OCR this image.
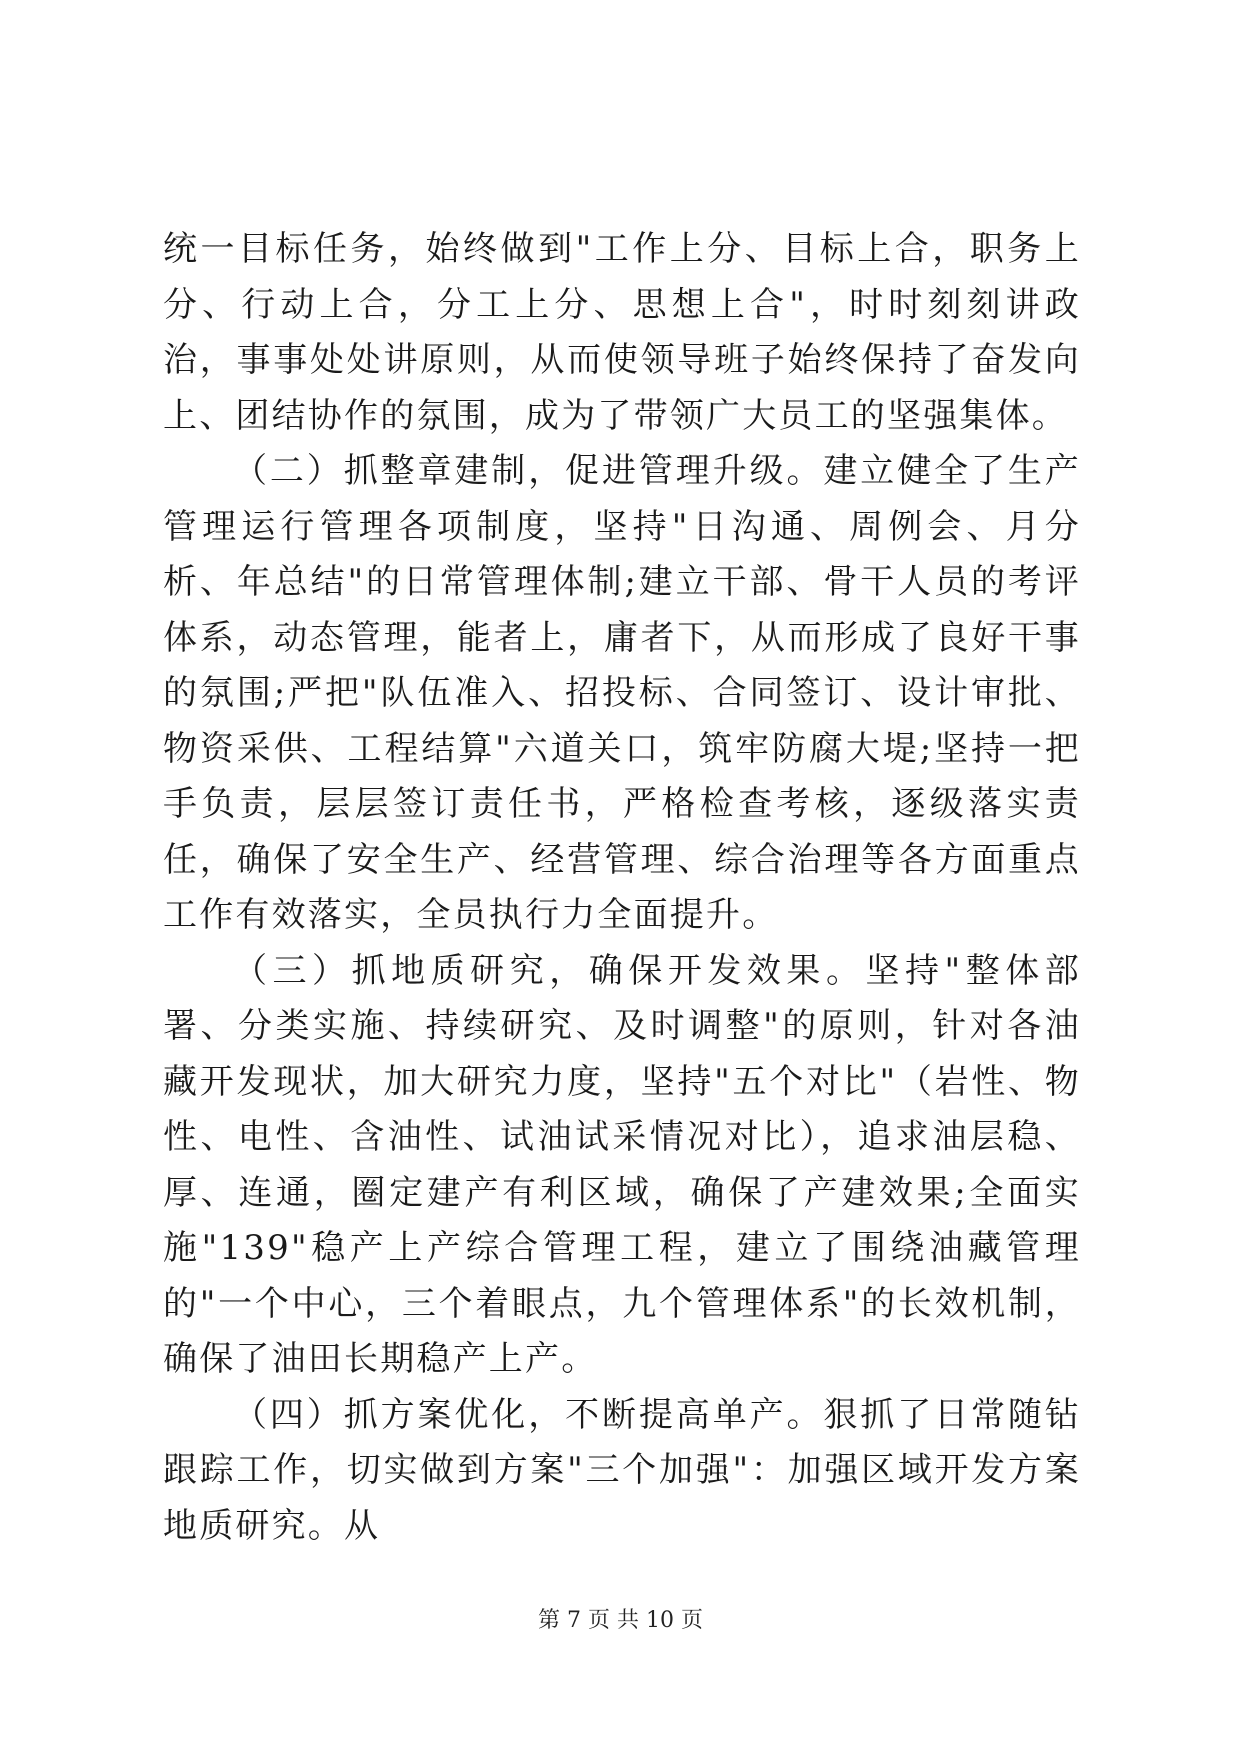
统一目标任务，始终做到"工作上分、目标上合，职务上分、行动上合，分工上分、思想上合"，时时刻刻讲政治，事事处处讲原则，从而使领导班子始终保持了奋发向上、团结协作的氛围，成为了带领广大员工的坚强集体。

（二）抓整章建制，促进管理升级。建立健全了生产管理运行管理各项制度，坚持"日沟通、周例会、月分析、年总结"的日常管理体制;建立干部、骨干人员的考评体系，动态管理，能者上，庸者下，从而形成了良好干事的氛围;严把"队伍准入、招投标、合同签订、设计审批、物资采供、工程结算"六道关口，筑牢防腐大堤;坚持一把手负责，层层签订责任书，严格检查考核，逐级落实责任，确保了安全生产、经营管理、综合治理等各方面重点工作有效落实，全员执行力全面提升。

（三）抓地质研究，确保开发效果。坚持"整体部署、分类实施、持续研究、及时调整"的原则，针对各油藏开发现状，加大研究力度，坚持"五个对比"（岩性、物性、电性、含油性、试油试采情况对比），追求油层稳、厚、连通，圈定建产有利区域，确保了产建效果;全面实施"139"稳产上产综合管理工程，建立了围绕油藏管理的"一个中心，三个着眼点，九个管理体系"的长效机制，确保了油田长期稳产上产。

（四）抓方案优化，不断提高单产。狠抓了日常随钻跟踪工作，切实做到方案"三个加强"：加强区域开发方案地质研究。从

第 7 页 共 10 页
